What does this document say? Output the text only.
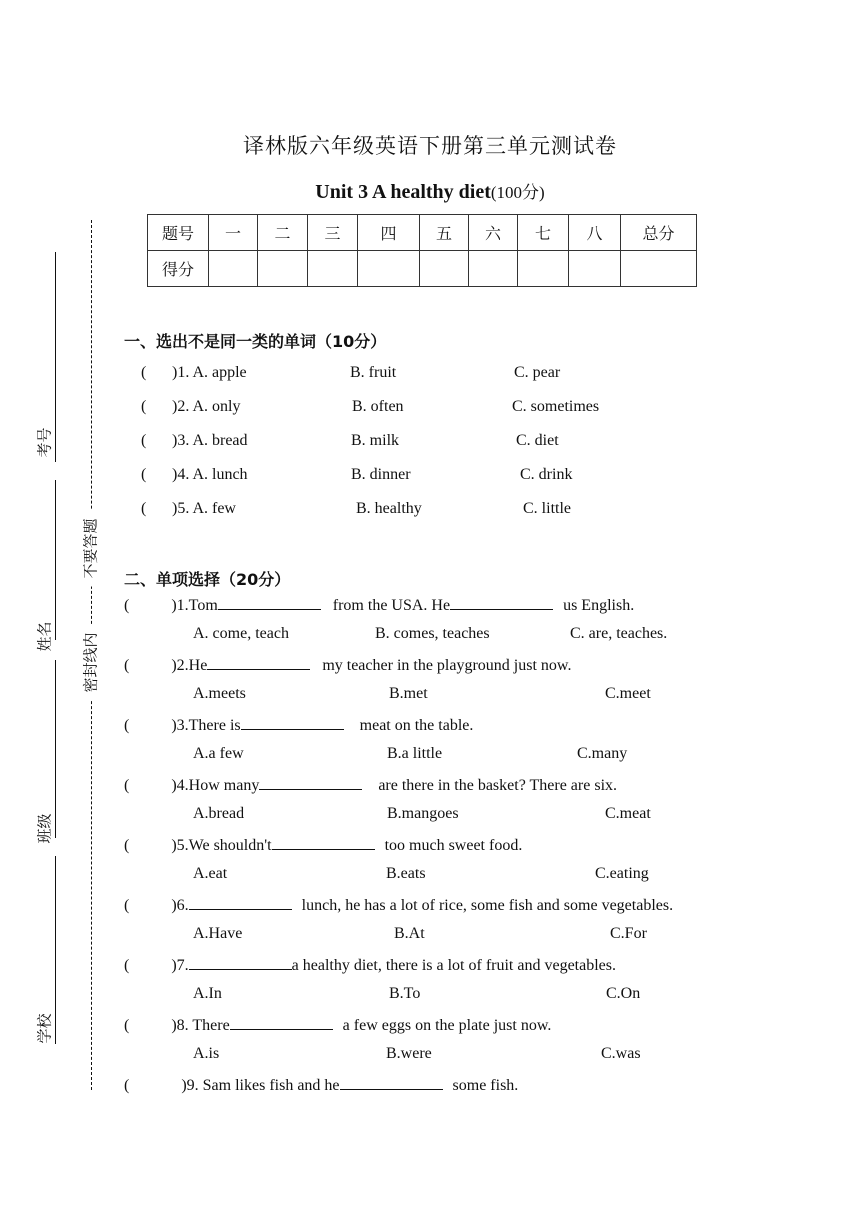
考号
姓名
班级
学校
不要答题
密封线内
译林版六年级英语下册第三单元测试卷
Unit 3 A healthy diet(100分)
题号	一	二	三	四	五	六	七	八	总分
得分									
一、选出不是同一类的单词（10分）
( )1. A. apple	B. fruit	C. pear
( )2. A. only	B. often	C. sometimes
( )3. A. bread	B. milk	C. diet
( )4. A. lunch	B. dinner	C. drink
( )5. A. few	B. healthy	C. little
二、单项选择（20分）
(	)1.Tom	from the USA. He	us English.
A. come, teach	B. comes, teaches	C. are, teaches.
(	)2.He	my teacher in the playground just now.
A.meets	B.met	C.meet
(	)3.There is	meat on the table.
A.a few	B.a little	C.many
(	)4.How many	are there in the basket? There are six.
A.bread	B.mangoes	C.meat
(	)5.We shouldn't	too much sweet food.
A.eat	B.eats	C.eating
(	)6.	lunch, he has a lot of rice, some fish and some vegetables.
A.Have	B.At	C.For
(	)7.	a healthy diet, there is a lot of fruit and vegetables.
A.In	B.To	C.On
(	)8. There	a few eggs on the plate just now.
A.is	B.were	C.was
(	)9. Sam likes fish and he	some fish.
